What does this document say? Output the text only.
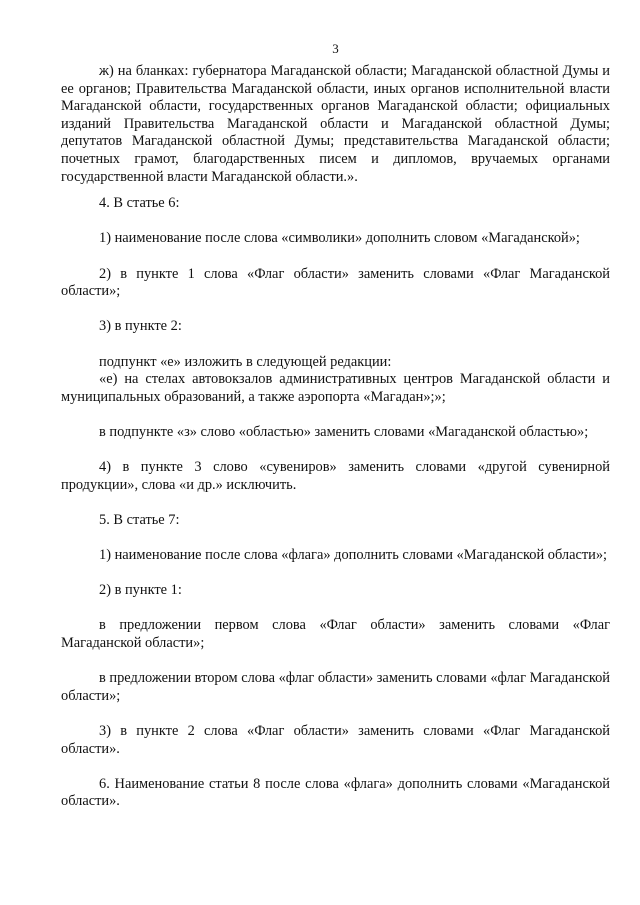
3

ж) на бланках: губернатора Магаданской области; Магаданской областной Думы и ее органов; Правительства Магаданской области, иных органов исполнительной власти Магаданской области, государственных органов Магаданской области; официальных изданий Правительства Магаданской области и Магаданской областной Думы; депутатов Магаданской областной Думы; представительства Магаданской области; почетных грамот, благодарственных писем и дипломов, вручаемых органами государственной власти Магаданской области.».

4. В статье 6:

1) наименование после слова «символики» дополнить словом «Магаданской»;

2) в пункте 1 слова «Флаг области» заменить словами «Флаг Магаданской области»;

3) в пункте 2:

подпункт «е» изложить в следующей редакции:

«е) на стелах автовокзалов административных центров Магаданской области и муниципальных образований, а также аэропорта «Магадан»;»;

в подпункте «з» слово «областью» заменить словами «Магаданской областью»;

4) в пункте 3 слово «сувениров» заменить словами «другой сувенирной продукции», слова «и др.» исключить.

5. В статье 7:

1) наименование после слова «флага» дополнить словами «Магаданской области»;

2) в пункте 1:

в предложении первом слова «Флаг области» заменить словами «Флаг Магаданской области»;

в предложении втором слова «флаг области» заменить словами «флаг Магаданской области»;

3) в пункте 2 слова «Флаг области» заменить словами «Флаг Магаданской области».

6. Наименование статьи 8 после слова «флага» дополнить словами «Магаданской области».
